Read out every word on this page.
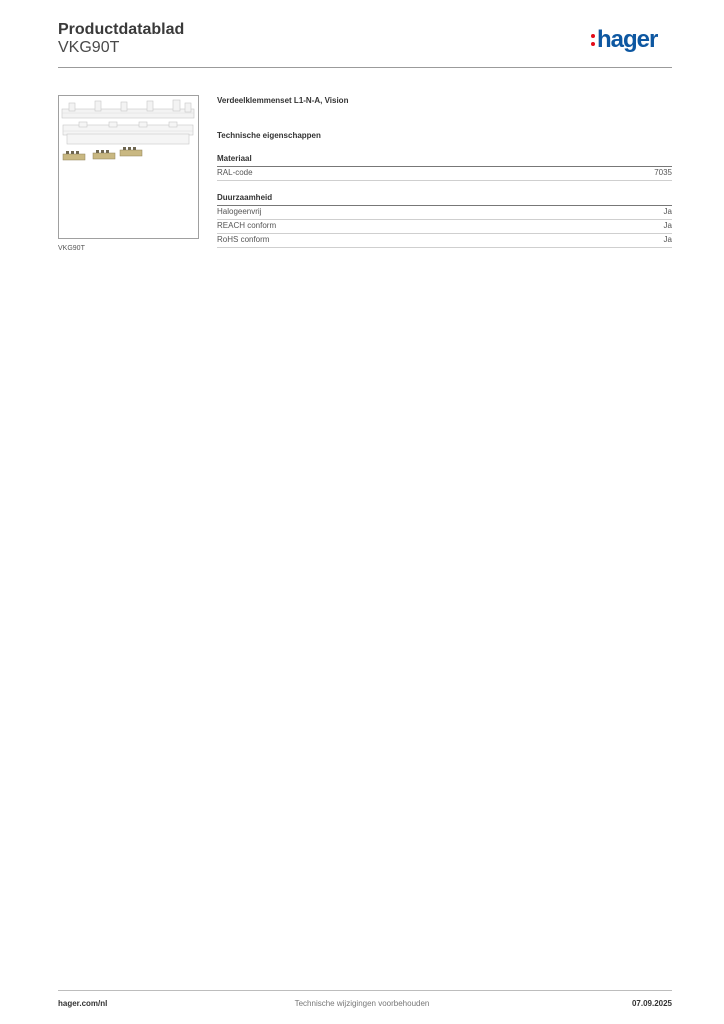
Productdatablad
VKG90T	hager
VKG90T
Verdeelklemmenset L1-N-A, Vision
Technische eigenschappen
Materiaal
RAL-code	7035
Duurzaamheid
Halogeenvrij	Ja
REACH conform	Ja
RoHS conform	Ja
hager.com/nl	Technische wijzigingen voorbehouden	07.09.2025
